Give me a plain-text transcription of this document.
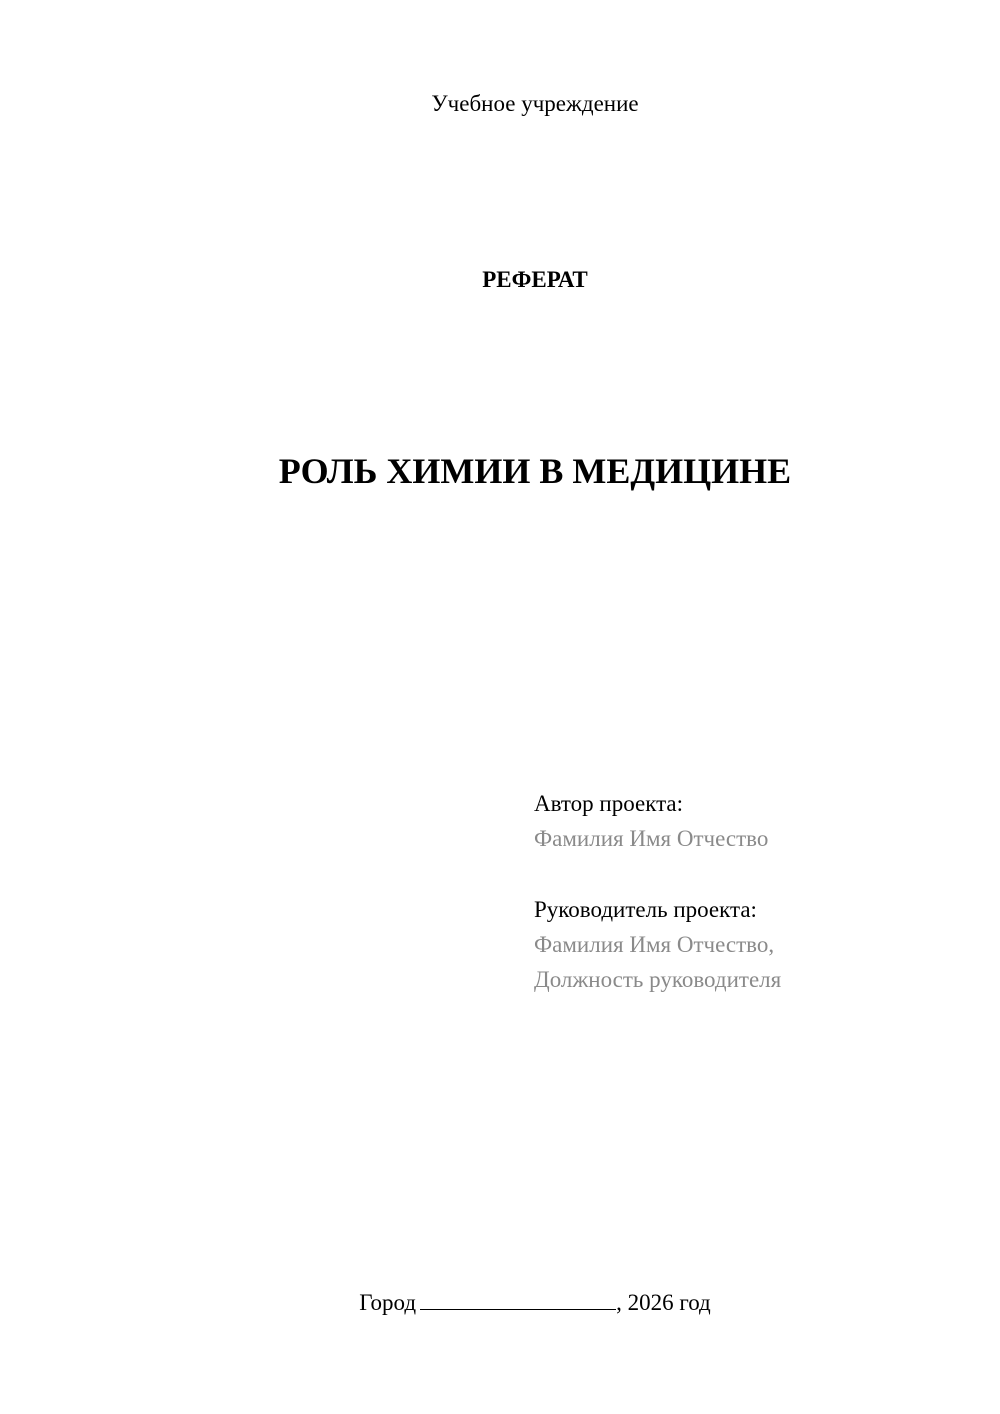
Учебное учреждение
РЕФЕРАТ
РОЛЬ ХИМИИ В МЕДИЦИНЕ
Автор проекта:
Фамилия Имя Отчество
Руководитель проекта:
Фамилия Имя Отчество,
Должность руководителя
Город	, 2026 год
